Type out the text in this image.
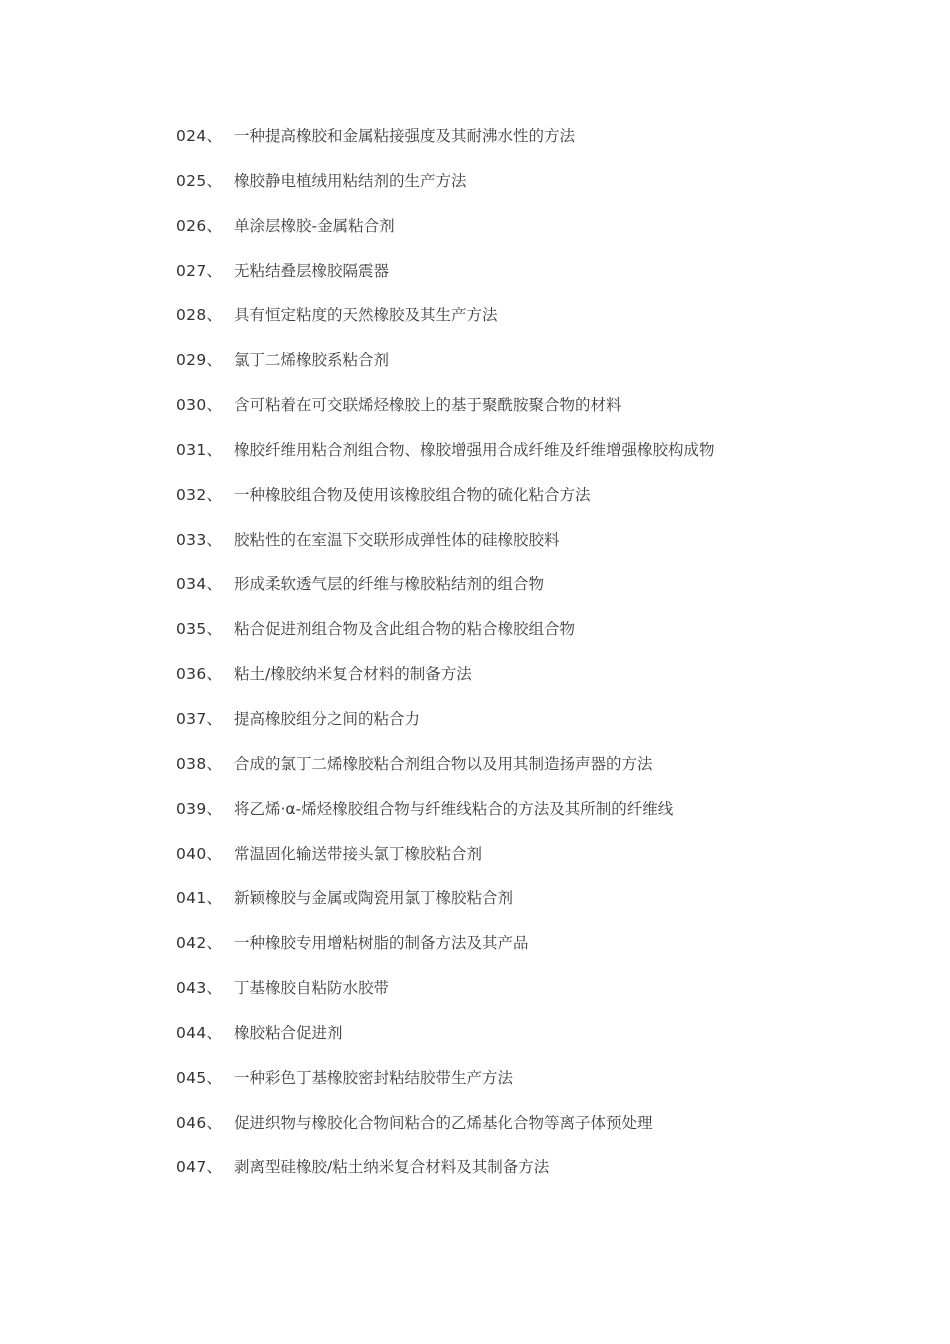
024、 一种提高橡胶和金属粘接强度及其耐沸水性的方法
025、 橡胶静电植绒用粘结剂的生产方法
026、 单涂层橡胶-金属粘合剂
027、 无粘结叠层橡胶隔震器
028、 具有恒定粘度的天然橡胶及其生产方法
029、 氯丁二烯橡胶系粘合剂
030、 含可粘着在可交联烯烃橡胶上的基于聚酰胺聚合物的材料
031、 橡胶纤维用粘合剂组合物、橡胶增强用合成纤维及纤维增强橡胶构成物
032、 一种橡胶组合物及使用该橡胶组合物的硫化粘合方法
033、 胶粘性的在室温下交联形成弹性体的硅橡胶胶料
034、 形成柔软透气层的纤维与橡胶粘结剂的组合物
035、 粘合促进剂组合物及含此组合物的粘合橡胶组合物
036、 粘土/橡胶纳米复合材料的制备方法
037、 提高橡胶组分之间的粘合力
038、 合成的氯丁二烯橡胶粘合剂组合物以及用其制造扬声器的方法
039、 将乙烯·α-烯烃橡胶组合物与纤维线粘合的方法及其所制的纤维线
040、 常温固化输送带接头氯丁橡胶粘合剂
041、 新颖橡胶与金属或陶瓷用氯丁橡胶粘合剂
042、 一种橡胶专用增粘树脂的制备方法及其产品
043、 丁基橡胶自粘防水胶带
044、 橡胶粘合促进剂
045、 一种彩色丁基橡胶密封粘结胶带生产方法
046、 促进织物与橡胶化合物间粘合的乙烯基化合物等离子体预处理
047、 剥离型硅橡胶/粘土纳米复合材料及其制备方法
